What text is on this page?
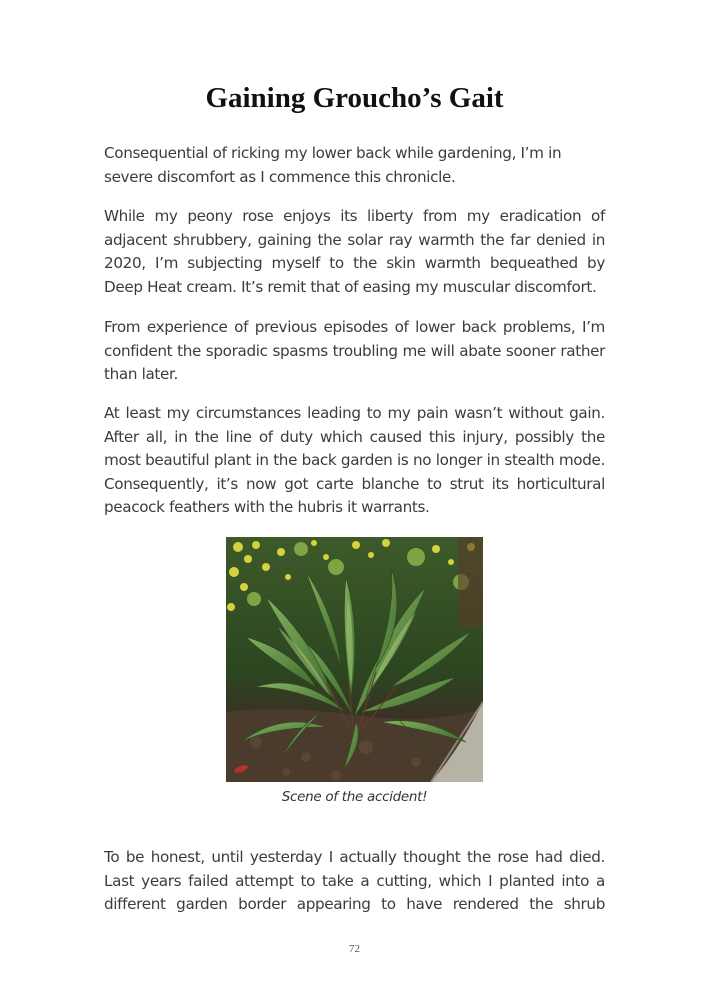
Gaining Groucho’s Gait

Consequential of ricking my lower back while gardening, I’m in severe discomfort as I commence this chronicle.

While my peony rose enjoys its liberty from my eradication of adjacent shrubbery, gaining the solar ray warmth the far denied in 2020, I’m subjecting myself to the skin warmth bequeathed by Deep Heat cream. It’s remit that of easing my muscular discomfort.

From experience of previous episodes of lower back problems, I’m confident the sporadic spasms troubling me will abate sooner rather than later.

At least my circumstances leading to my pain wasn’t without gain. After all, in the line of duty which caused this injury, possibly the most beautiful plant in the back garden is no longer in stealth mode. Consequently, it’s now got carte blanche to strut its horticultural peacock feathers with the hubris it warrants.

Scene of the accident!

To be honest, until yesterday I actually thought the rose had died. Last years failed attempt to take a cutting, which I planted into a different garden border appearing to have rendered the shrub

72
